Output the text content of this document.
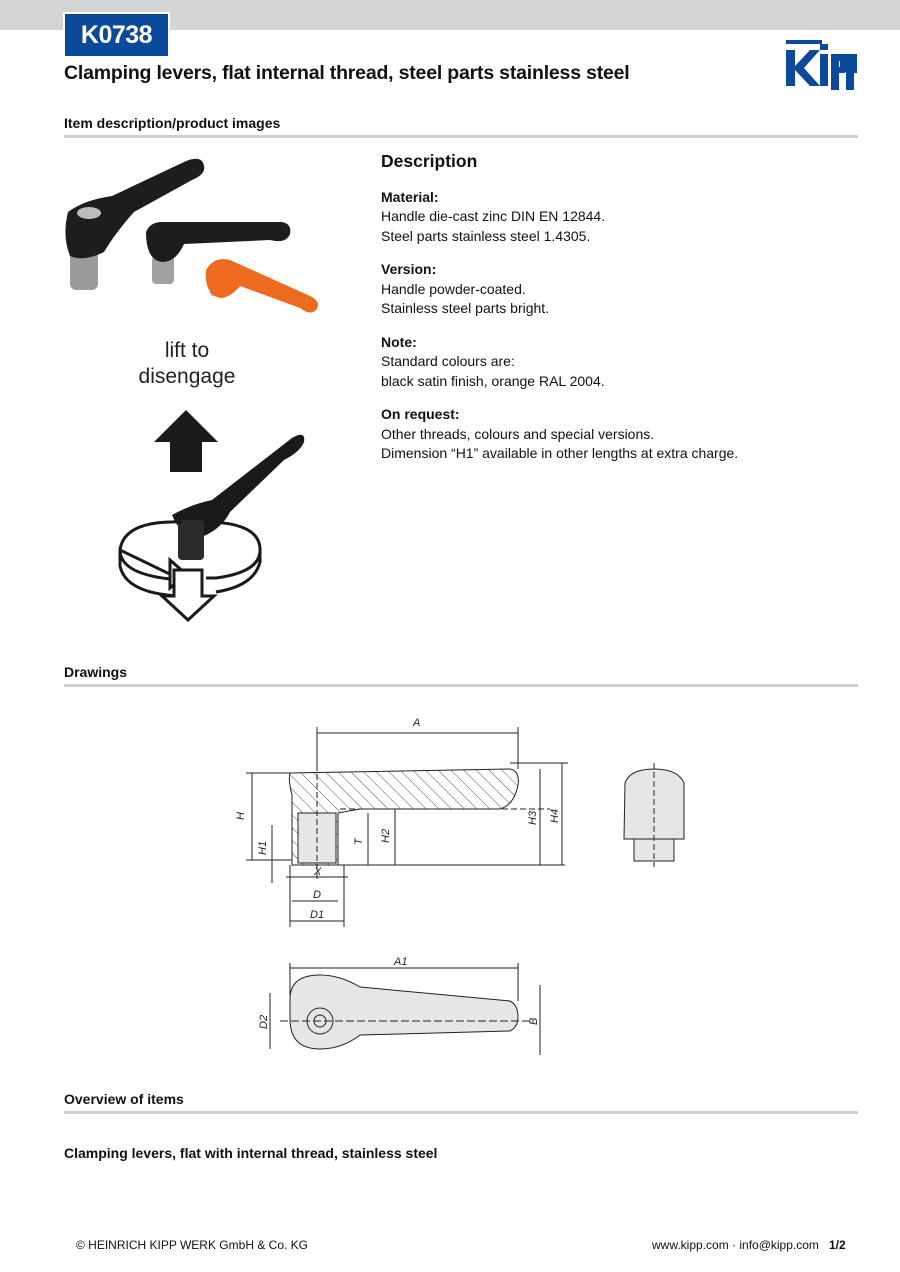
K0738
Clamping levers, flat internal thread, steel parts stainless steel
Item description/product images
lift to
disengage
Description
Material:
Handle die-cast zinc DIN EN 12844.
Steel parts stainless steel 1.4305.
Version:
Handle powder-coated.
Stainless steel parts bright.
Note:
Standard colours are:
black satin finish, orange RAL 2004.
On request:
Other threads, colours and special versions.
Dimension “H1” available in other lengths at extra charge.
Drawings
A
H
H1	T H2
H3 H4
X
D
D1
A1
D2	B
Overview of items
Clamping levers, flat with internal thread, stainless steel
© HEINRICH KIPP WERK GmbH & Co. KG	www.kipp.com · info@kipp.com 1/2
